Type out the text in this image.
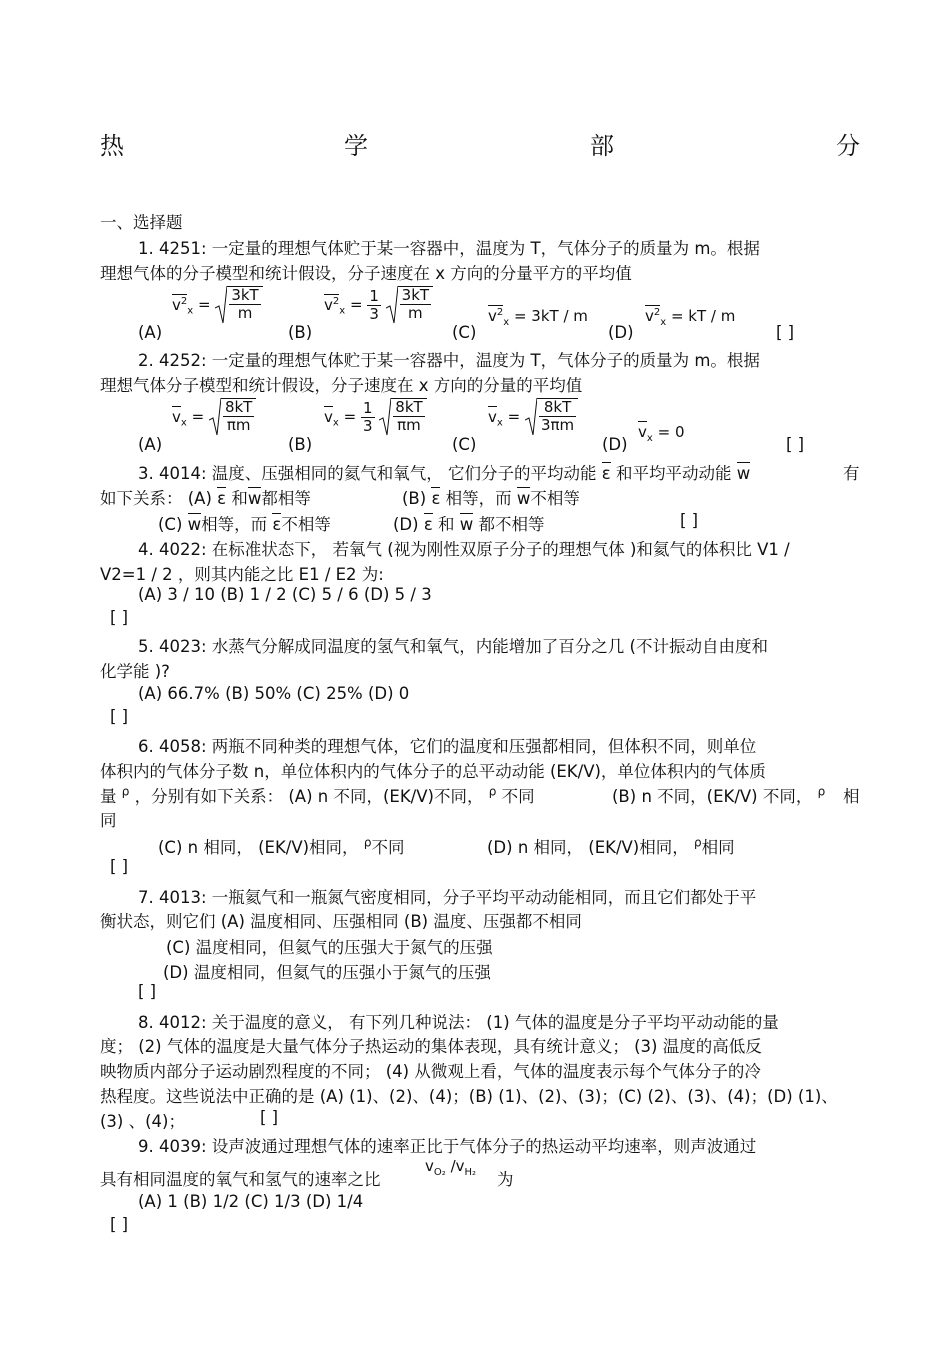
热	学	部	分
一、选择题
1. 4251: 一定量的理想气体贮于某一容器中，温度为 T，气体分子的质量为 m。根据
理想气体的分子模型和统计假设，分子速度在 x 方向的分量平方的平均值
(A)
$v^2_x = \frac{3kT}{m}$
(B)
$v^2_x = \frac{1}{3}$
$\frac{3kT}{m}$
(C)
$v^2_x = 3kT / m$
(D)
$v^2_x$ = kT / m
[ ]
2. 4252: 一定量的理想气体贮于某一容器中，温度为 T，气体分子的质量为 m。根据
理想气体分子模型和统计假设，分子速度在 x 方向的分量的平均值
(A)
$v_x = \frac{8kT}{\pi m}$
(B)
$v_x = \frac{1}{3}$
$\frac{8kT}{\pi m}$
(C)
$v_x = \frac{8kT}{3\pi m}$
(D)
$v_x = 0$
[ ]
3. 4014: 温度、压强相同的氦气和氧气， 它们分子的平均动能 ε 和平均平动动能 w	有
如下关系： (A) ε 和w都相等	(B) ε 相等，而 w不相等
(C) w相等，而 ε不相等	(D) ε 和 w 都不相等	[ ]
4. 4022: 在标准状态下， 若氧气 (视为刚性双原子分子的理想气体 )和氦气的体积比 V1 /
V2=1 / 2 ，则其内能之比 E1 / E2 为:
(A) 3 / 10 (B) 1 / 2 (C) 5 / 6 (D) 5 / 3
[ ]
5. 4023: 水蒸气分解成同温度的氢气和氧气，内能增加了百分之几 (不计振动自由度和
化学能 )?
(A) 66.7% (B) 50% (C) 25% (D) 0
[ ]
6. 4058: 两瓶不同种类的理想气体，它们的温度和压强都相同，但体积不同，则单位
体积内的气体分子数 n，单位体积内的气体分子的总平动动能 (EK/V)，单位体积内的气体质
量 $^\rho$ ，分别有如下关系： (A) n 不同，(EK/V)不同， $^\rho$ 不同	(B) n 不同，(EK/V) 不同， $^\rho$ 相
同
(C) n 相同， (EK/V)相同， $^\rho$不同	(D) n 相同， (EK/V)相同， $^\rho$相同
[ ]
7. 4013: 一瓶氦气和一瓶氮气密度相同，分子平均平动动能相同，而且它们都处于平
衡状态，则它们 (A) 温度相同、压强相同 (B) 温度、压强都不相同
(C) 温度相同，但氦气的压强大于氮气的压强
(D) 温度相同，但氦气的压强小于氮气的压强
[ ]
8. 4012: 关于温度的意义， 有下列几种说法： (1) 气体的温度是分子平均平动动能的量
度； (2) 气体的温度是大量气体分子热运动的集体表现，具有统计意义； (3) 温度的高低反
映物质内部分子运动剧烈程度的不同； (4) 从微观上看，气体的温度表示每个气体分子的冷
热程度。这些说法中正确的是 (A) (1)、(2)、(4)；(B) (1)、(2)、(3)；(C) (2)、(3)、(4)；(D) (1)、
(3) 、(4)；	[ ]
9. 4039: 设声波通过理想气体的速率正比于气体分子的热运动平均速率，则声波通过
具有相同温度的氧气和氢气的速率之比
$v_{O_2}$ $/v_{H_2}$ 为
(A) 1 (B) 1/2 (C) 1/3 (D) 1/4
[ ]
